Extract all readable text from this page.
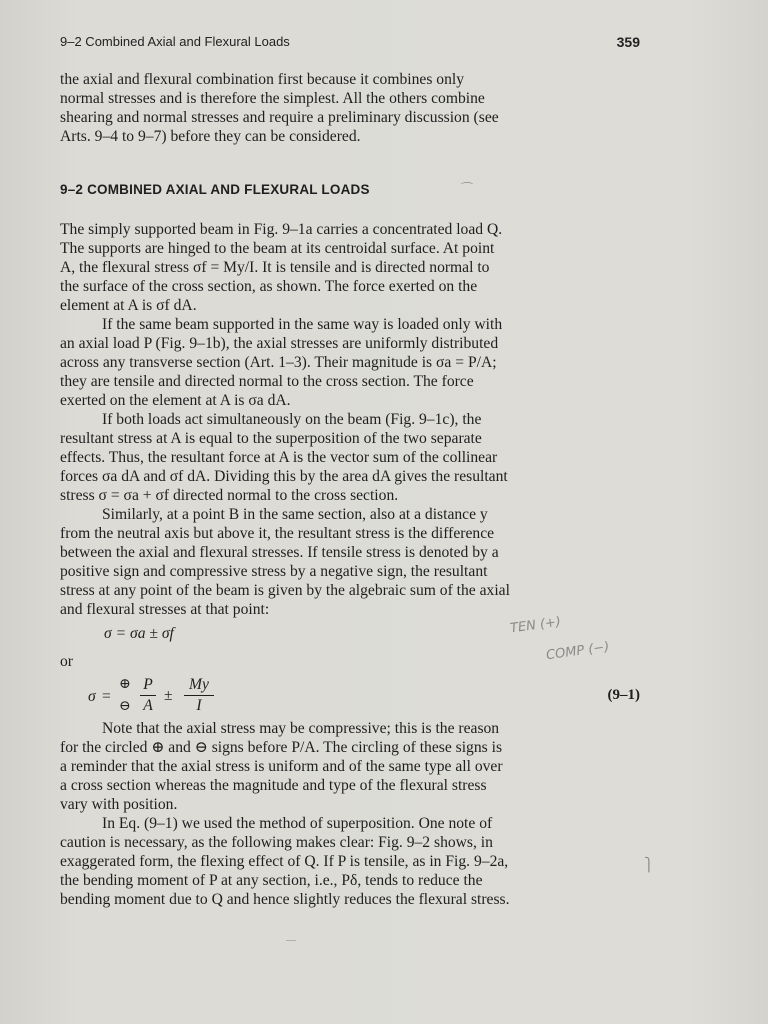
9–2 Combined Axial and Flexural Loads	359

the axial and flexural combination first because it combines only

normal stresses and is therefore the simplest. All the others combine

shearing and normal stresses and require a preliminary discussion (see

Arts. 9–4 to 9–7) before they can be considered.

9–2 COMBINED AXIAL AND FLEXURAL LOADS	⌒

The simply supported beam in Fig. 9–1a carries a concentrated load Q.

The supports are hinged to the beam at its centroidal surface. At point

A, the flexural stress σf = My/I. It is tensile and is directed normal to

the surface of the cross section, as shown. The force exerted on the

element at A is σf dA.

If the same beam supported in the same way is loaded only with

an axial load P (Fig. 9–1b), the axial stresses are uniformly distributed

across any transverse section (Art. 1–3). Their magnitude is σa = P/A;

they are tensile and directed normal to the cross section. The force

exerted on the element at A is σa dA.

If both loads act simultaneously on the beam (Fig. 9–1c), the

resultant stress at A is equal to the superposition of the two separate

effects. Thus, the resultant force at A is the vector sum of the collinear

forces σa dA and σf dA. Dividing this by the area dA gives the resultant

stress σ = σa + σf directed normal to the cross section.

Similarly, at a point B in the same section, also at a distance y

from the neutral axis but above it, the resultant stress is the difference

between the axial and flexural stresses. If tensile stress is denoted by a

positive sign and compressive stress by a negative sign, the resultant

stress at any point of the beam is given by the algebraic sum of the axial

and flexural stresses at that point:

σ = σa ± σf	TEN (+)
COMP (−)
or
σ =
⊕
⊖
P
A
±
My
I
(9–1)

Note that the axial stress may be compressive; this is the reason

for the circled ⊕ and ⊖ signs before P/A. The circling of these signs is

a reminder that the axial stress is uniform and of the same type all over

a cross section whereas the magnitude and type of the flexural stress

vary with position.

In Eq. (9–1) we used the method of superposition. One note of

caution is necessary, as the following makes clear: Fig. 9–2 shows, in

exaggerated form, the flexing effect of Q. If P is tensile, as in Fig. 9–2a,

the bending moment of P at any section, i.e., Pδ, tends to reduce the

bending moment due to Q and hence slightly reduces the flexural stress.

⎫
